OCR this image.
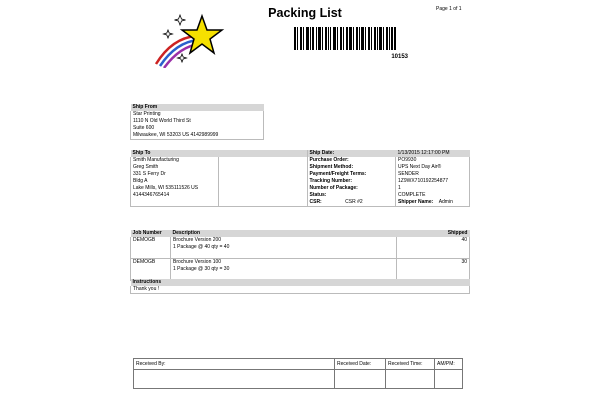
Page 1 of 1
Packing List
10153
Ship From
Star Printing
1110 N Old World Third St
Suite 600
Milwaukee, WI 53203 US 4142989999
Ship To		Ship Date:	1/13/2015 12:17:00 PM
Smith Manufacturing		Purchase Order:	PO9930
Greg Smith		Shipment Method:	UPS Next Day Air®
331 S Ferry Dr		Payment/Freight Terms:	SENDER
Bldg A		Tracking Number:	1Z9WX710192254877
Lake Mills, WI 535111526 US		Number of Package:	1
4144346765414		Status:	COMPLETE
		CSR: CSR #2	Shipper Name: Admin
Job Number	Description	Shipped
DEMOGB	Brochure Version 200
1 Package @ 40 qty = 40	40
DEMOGB	Brochure Version 100
1 Package @ 30 qty = 30	30
Instructions
Thank you !
Received By:	Received Date:	Received Time:	AM/PM:
